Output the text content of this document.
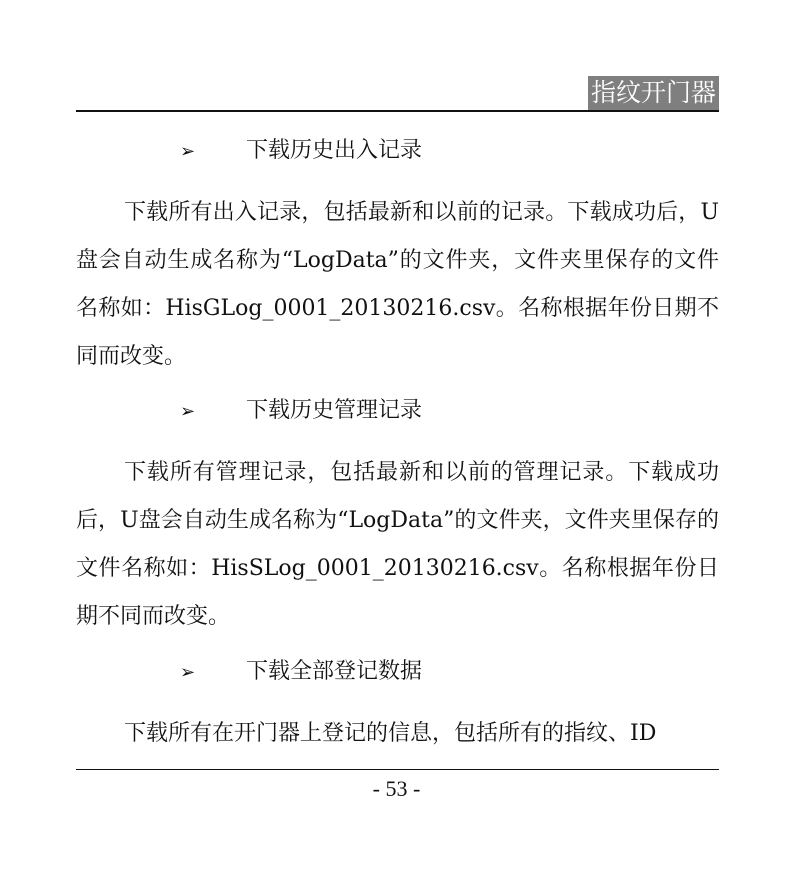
指纹开门器
➢ 下载历史出入记录

下载所有出入记录，包括最新和以前的记录。下载成功后，U盘会自动生成名称为“LogData”的文件夹，文件夹里保存的文件名称如：HisGLog_0001_20130216.csv。名称根据年份日期不同而改变。

➢ 下载历史管理记录

下载所有管理记录，包括最新和以前的管理记录。下载成功后，U盘会自动生成名称为“LogData”的文件夹，文件夹里保存的文件名称如：HisSLog_0001_20130216.csv。名称根据年份日期不同而改变。

➢ 下载全部登记数据

下载所有在开门器上登记的信息，包括所有的指纹、ID

- 53 -
